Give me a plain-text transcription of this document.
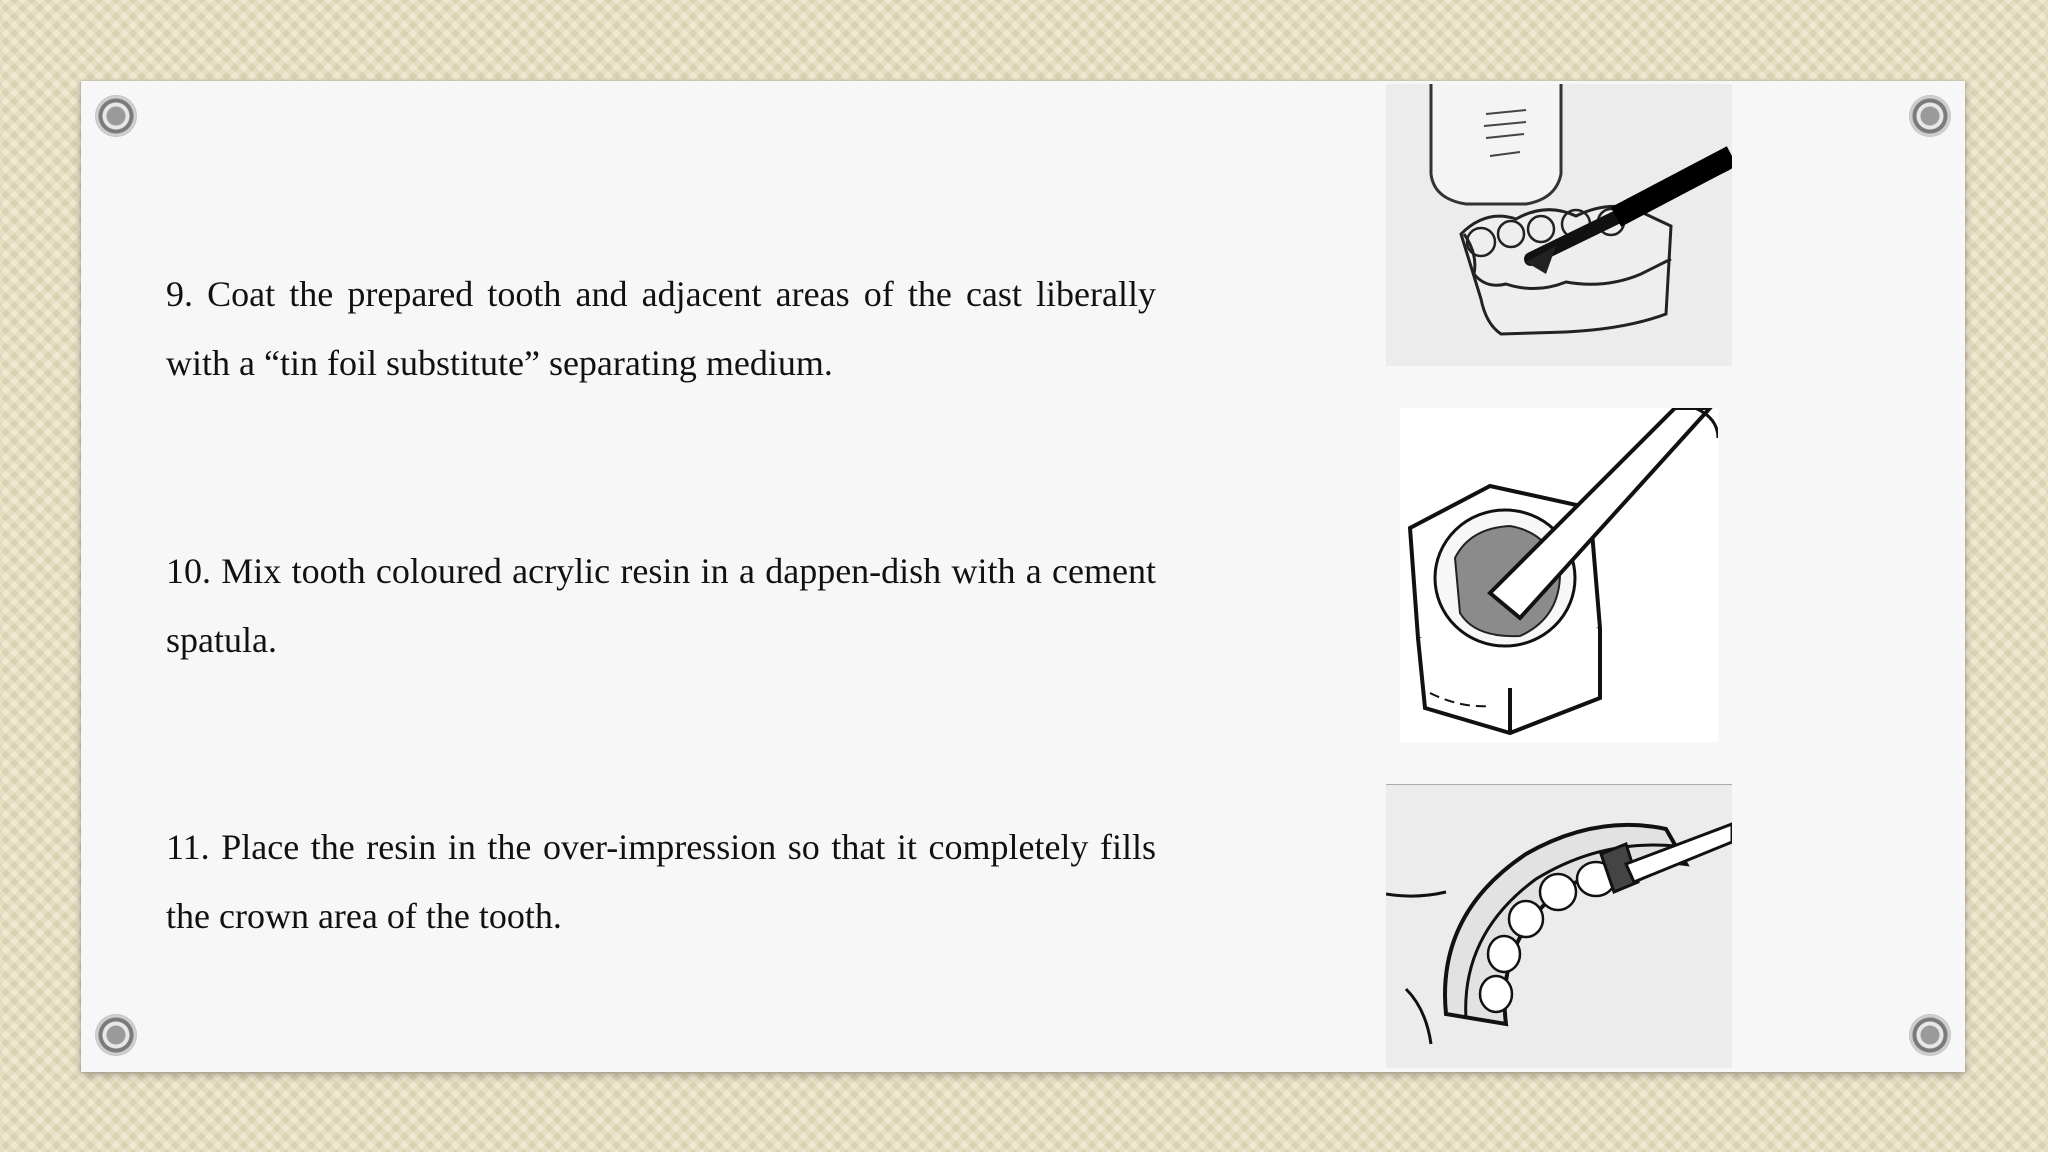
9. Coat the prepared tooth and adjacent areas of the cast liberally with a “tin foil substitute” separating medium.

10. Mix tooth coloured acrylic resin in a dappen-dish with a cement spatula.

11. Place the resin in the over-impression so that it completely fills the crown area of the tooth.
